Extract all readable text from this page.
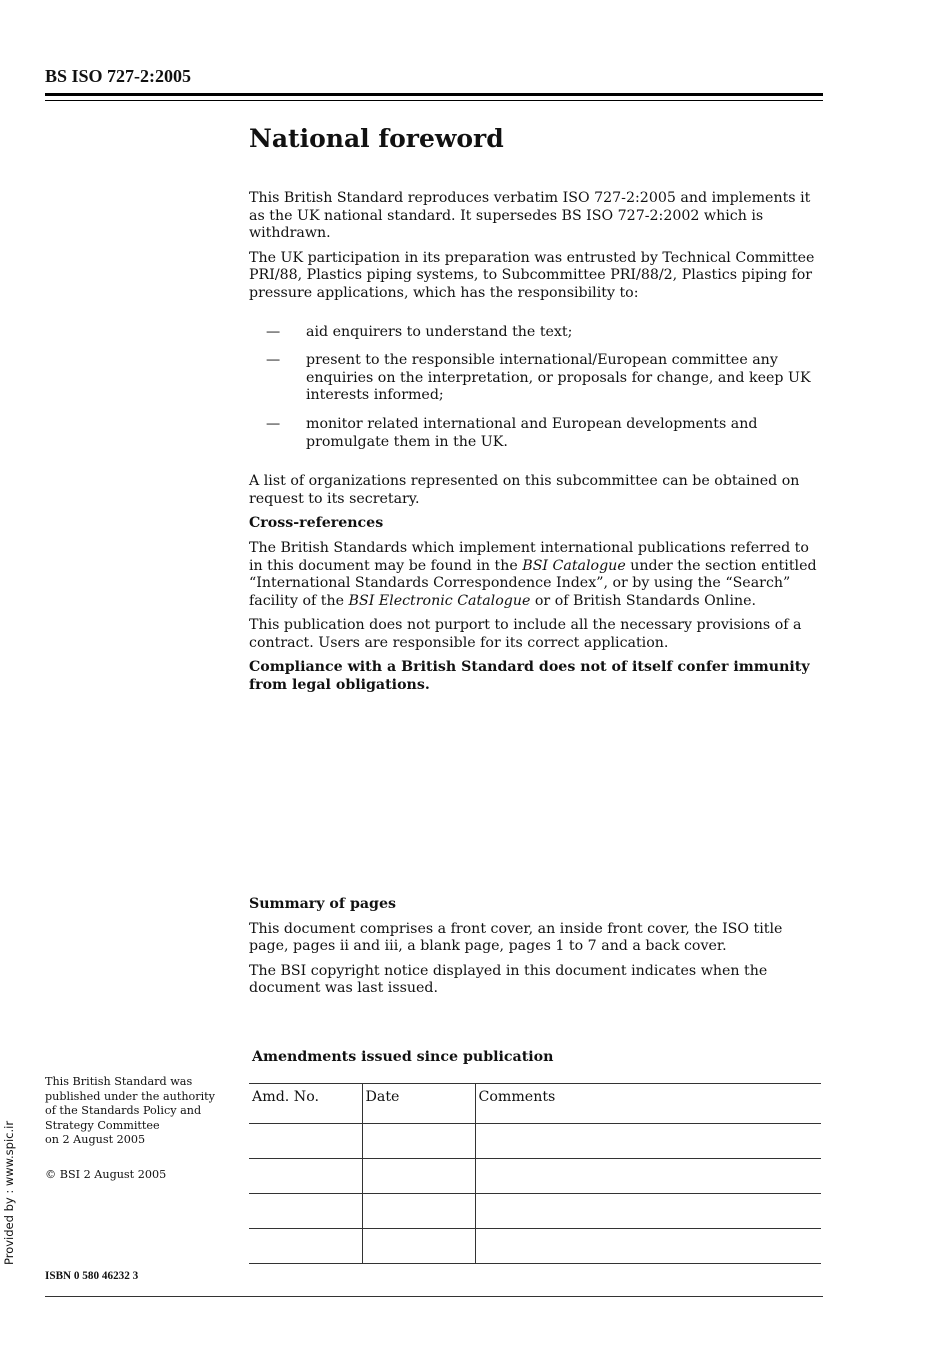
BS ISO 727-2:2005
National foreword

This British Standard reproduces verbatim ISO 727-2:2005 and implements it as the UK national standard. It supersedes BS ISO 727-2:2002 which is withdrawn.

The UK participation in its preparation was entrusted by Technical Committee PRI/88, Plastics piping systems, to Subcommittee PRI/88/2, Plastics piping for pressure applications, which has the responsibility to:

— aid enquirers to understand the text;
— present to the responsible international/European committee any enquiries on the interpretation, or proposals for change, and keep UK interests informed;
— monitor related international and European developments and promulgate them in the UK.

A list of organizations represented on this subcommittee can be obtained on request to its secretary.

Cross-references

The British Standards which implement international publications referred to in this document may be found in the BSI Catalogue under the section entitled “International Standards Correspondence Index”, or by using the “Search” facility of the BSI Electronic Catalogue or of British Standards Online.

This publication does not purport to include all the necessary provisions of a contract. Users are responsible for its correct application.

Compliance with a British Standard does not of itself confer immunity from legal obligations.

Summary of pages

This document comprises a front cover, an inside front cover, the ISO title page, pages ii and iii, a blank page, pages 1 to 7 and a back cover.

The BSI copyright notice displayed in this document indicates when the document was last issued.

Amendments issued since publication
Amd. No.	Date	Comments

This British Standard was
published under the authority
of the Standards Policy and
Strategy Committee
on 2 August 2005
© BSI 2 August 2005
ISBN 0 580 46232 3
Provided by : www.spic.ir
